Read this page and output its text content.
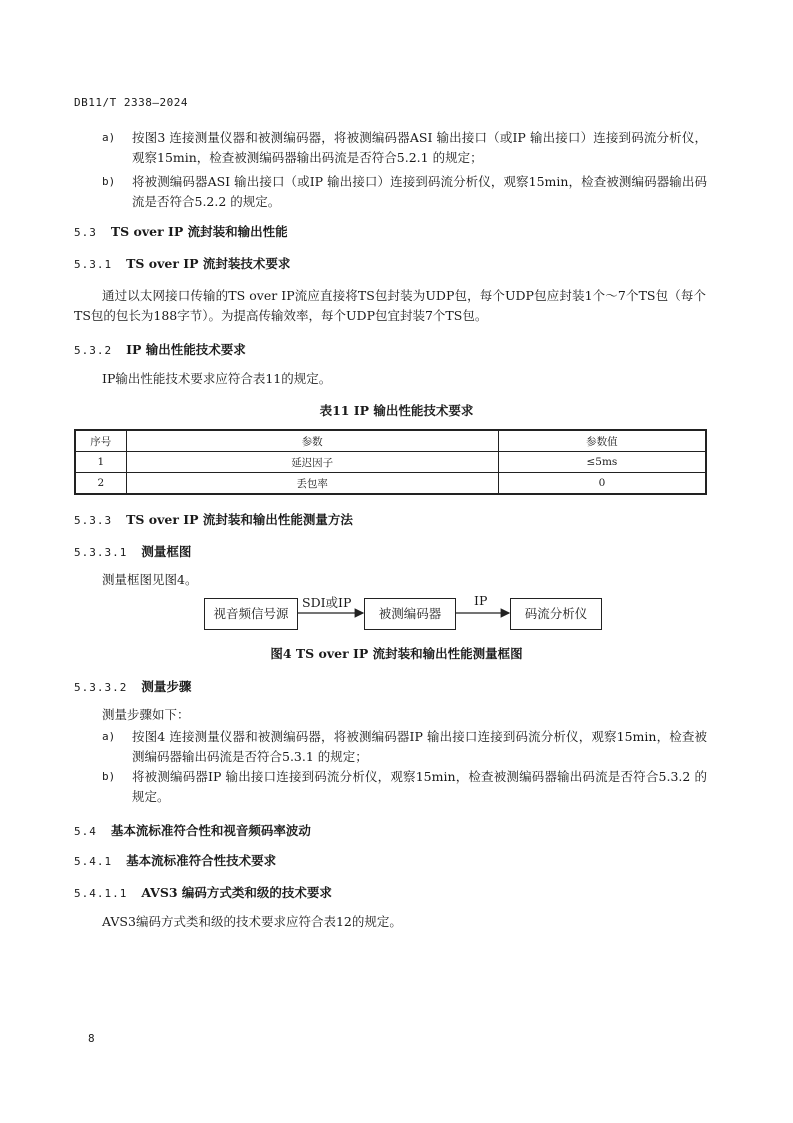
DB11/T 2338—2024
a) 按图3 连接测量仪器和被测编码器，将被测编码器ASI 输出接口（或IP 输出接口）连接到码流分析仪，观察15min，检查被测编码器输出码流是否符合5.2.1 的规定；
b) 将被测编码器ASI 输出接口（或IP 输出接口）连接到码流分析仪，观察15min，检查被测编码器输出码流是否符合5.2.2 的规定。
5.3 TS over IP 流封装和输出性能
5.3.1 TS over IP 流封装技术要求
通过以太网接口传输的TS over IP流应直接将TS包封装为UDP包，每个UDP包应封装1个～7个TS包（每个TS包的包长为188字节）。为提高传输效率，每个UDP包宜封装7个TS包。
5.3.2 IP 输出性能技术要求
IP输出性能技术要求应符合表11的规定。
表11 IP 输出性能技术要求
序号	参数	参数值
1	延迟因子	≤5ms
2	丢包率	0
5.3.3 TS over IP 流封装和输出性能测量方法
5.3.3.1 测量框图
测量框图见图4。
视音频信号源	被测编码器	码流分析仪
SDI或IP	IP
图4 TS over IP 流封装和输出性能测量框图
5.3.3.2 测量步骤
测量步骤如下：
a) 按图4 连接测量仪器和被测编码器，将被测编码器IP 输出接口连接到码流分析仪，观察15min，检查被测编码器输出码流是否符合5.3.1 的规定；
b) 将被测编码器IP 输出接口连接到码流分析仪，观察15min，检查被测编码器输出码流是否符合5.3.2 的规定。
5.4 基本流标准符合性和视音频码率波动
5.4.1 基本流标准符合性技术要求
5.4.1.1 AVS3 编码方式类和级的技术要求
AVS3编码方式类和级的技术要求应符合表12的规定。
8
